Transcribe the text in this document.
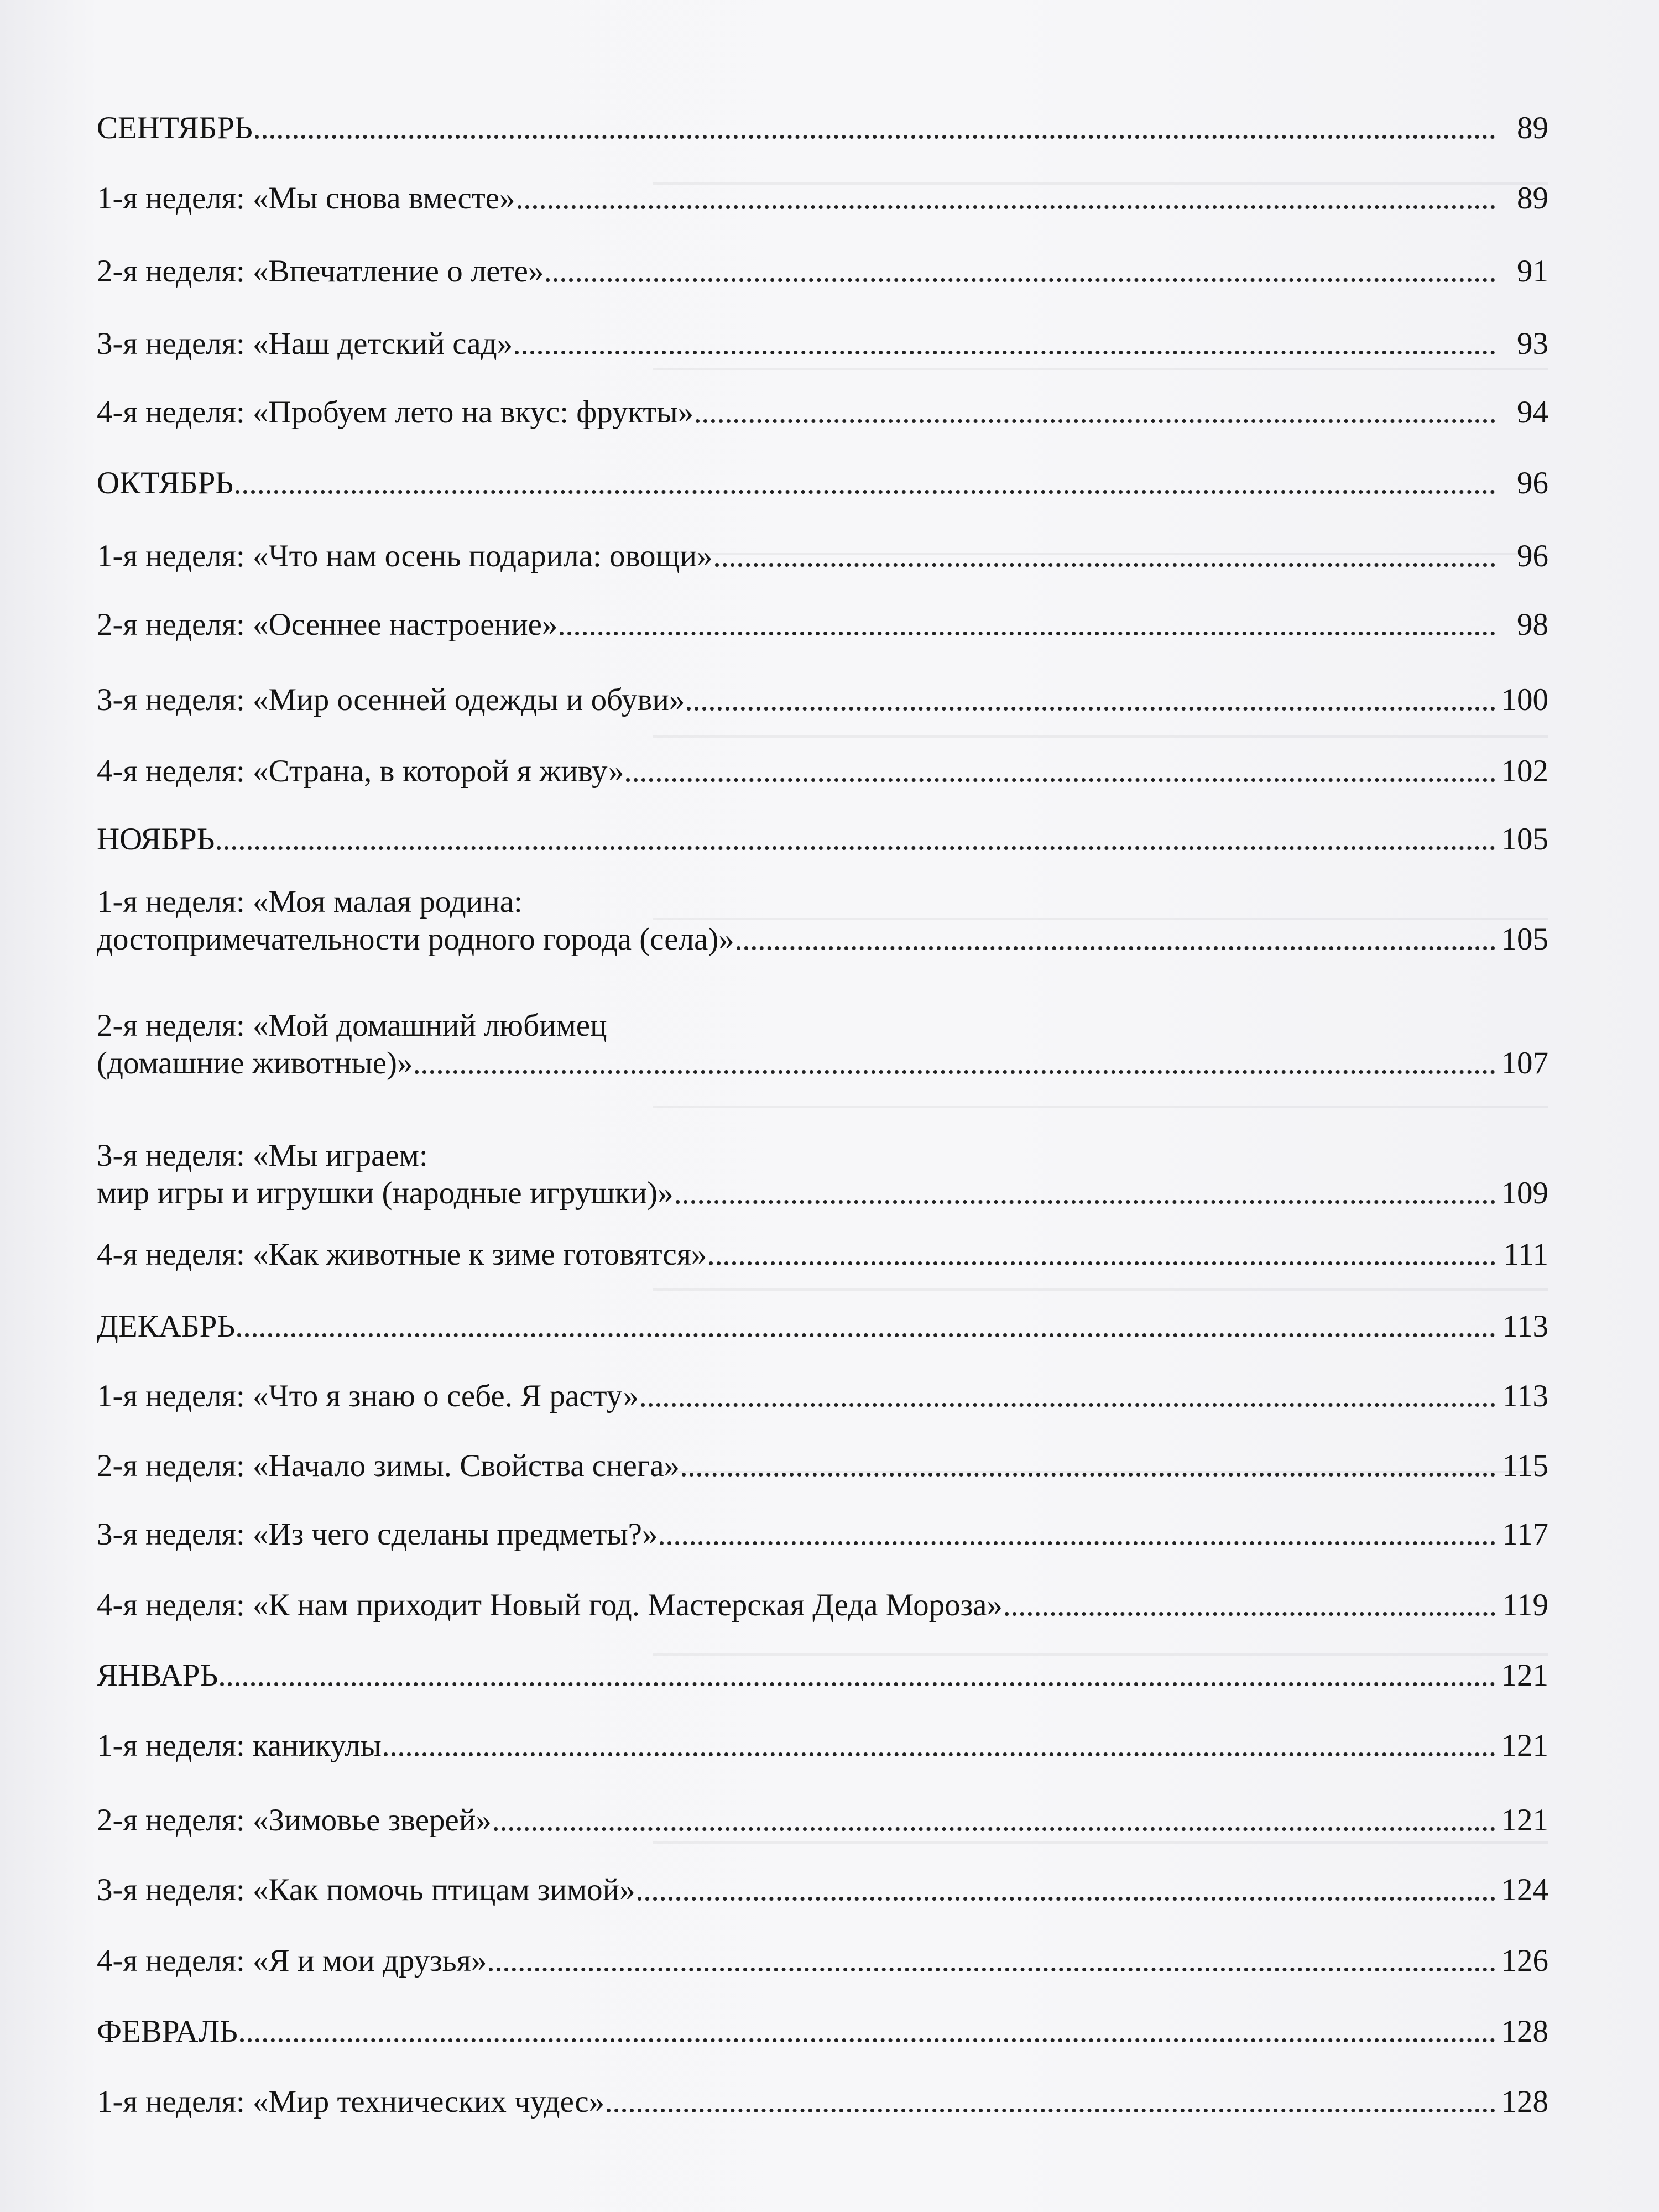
СЕНТЯБРЬ	89
1-я неделя: «Мы снова вместе»	89
2-я неделя: «Впечатление о лете»	91
3-я неделя: «Наш детский сад»	93
4-я неделя: «Пробуем лето на вкус: фрукты»	94
ОКТЯБРЬ	96
1-я неделя: «Что нам осень подарила: овощи»	96
2-я неделя: «Осеннее настроение»	98
3-я неделя: «Мир осенней одежды и обуви»	100
4-я неделя: «Страна, в которой я живу»	102
НОЯБРЬ	105
1-я неделя: «Моя малая родина:
достопримечательности родного города (села)»	105
2-я неделя: «Мой домашний любимец
(домашние животные)»	107
3-я неделя: «Мы играем:
мир игры и игрушки (народные игрушки)»	109
4-я неделя: «Как животные к зиме готовятся»	111
ДЕКАБРЬ	113
1-я неделя: «Что я знаю о себе. Я расту»	113
2-я неделя: «Начало зимы. Свойства снега»	115
3-я неделя: «Из чего сделаны предметы?»	117
4-я неделя: «К нам приходит Новый год. Мастерская Деда Мороза»	119
ЯНВАРЬ	121
1-я неделя: каникулы	121
2-я неделя: «Зимовье зверей»	121
3-я неделя: «Как помочь птицам зимой»	124
4-я неделя: «Я и мои друзья»	126
ФЕВРАЛЬ	128
1-я неделя: «Мир технических чудес»	128
